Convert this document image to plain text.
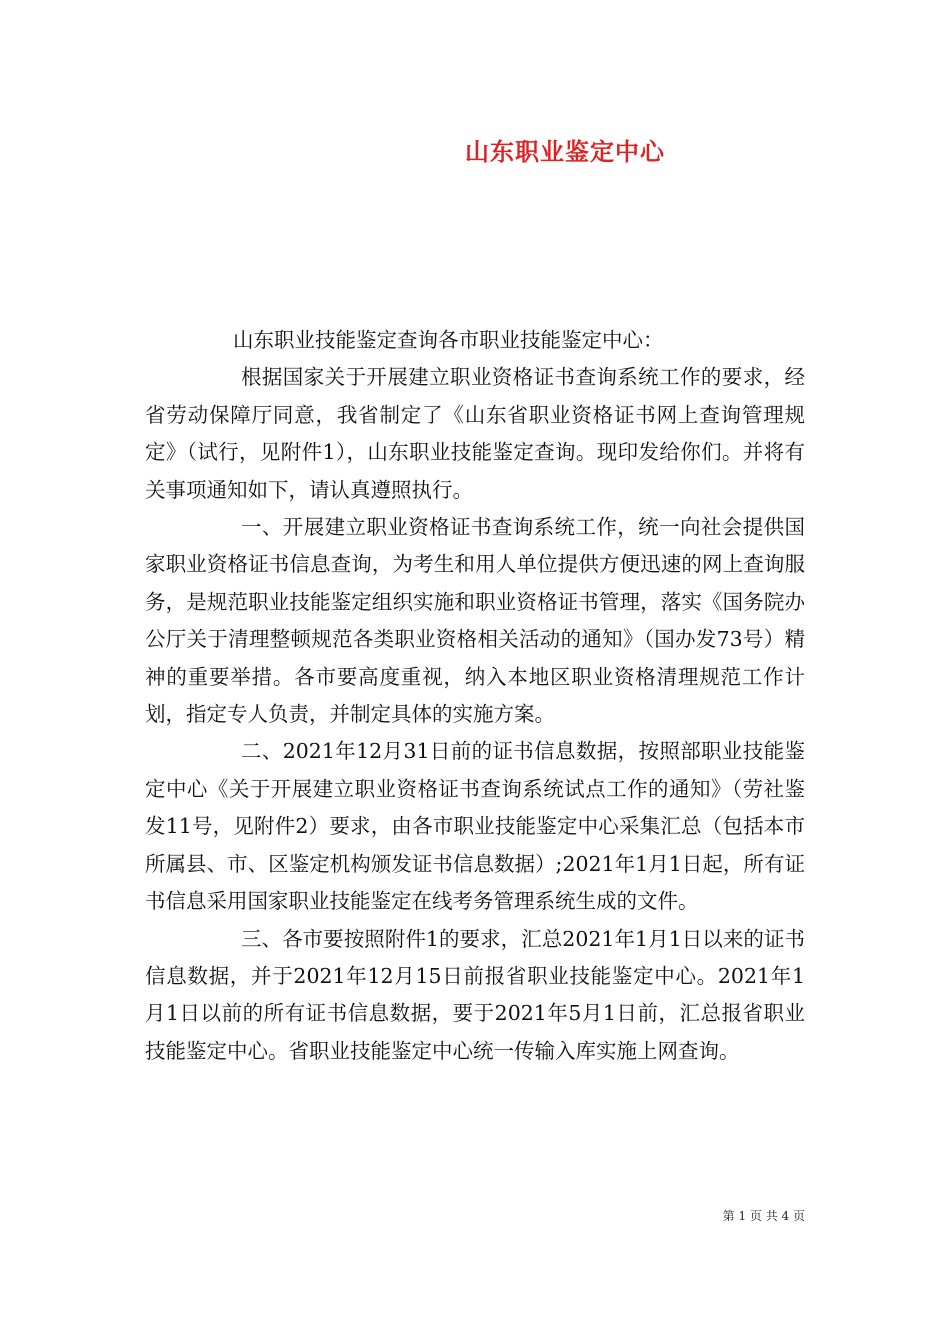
山东职业鉴定中心

山东职业技能鉴定查询各市职业技能鉴定中心：

根据国家关于开展建立职业资格证书查询系统工作的要求，经省劳动保障厅同意，我省制定了《山东省职业资格证书网上查询管理规定》（试行，见附件1），山东职业技能鉴定查询。现印发给你们。并将有关事项通知如下，请认真遵照执行。

一、开展建立职业资格证书查询系统工作，统一向社会提供国家职业资格证书信息查询，为考生和用人单位提供方便迅速的网上查询服务，是规范职业技能鉴定组织实施和职业资格证书管理，落实《国务院办公厅关于清理整顿规范各类职业资格相关活动的通知》（国办发73号）精神的重要举措。各市要高度重视，纳入本地区职业资格清理规范工作计划，指定专人负责，并制定具体的实施方案。

二、2021年12月31日前的证书信息数据，按照部职业技能鉴定中心《关于开展建立职业资格证书查询系统试点工作的通知》（劳社鉴发11号，见附件2）要求，由各市职业技能鉴定中心采集汇总（包括本市所属县、市、区鉴定机构颁发证书信息数据）;2021年1月1日起，所有证书信息采用国家职业技能鉴定在线考务管理系统生成的文件。

三、各市要按照附件1的要求，汇总2021年1月1日以来的证书信息数据，并于2021年12月15日前报省职业技能鉴定中心。2021年1月1日以前的所有证书信息数据，要于2021年5月1日前，汇总报省职业技能鉴定中心。省职业技能鉴定中心统一传输入库实施上网查询。

第 1 页 共 4 页
